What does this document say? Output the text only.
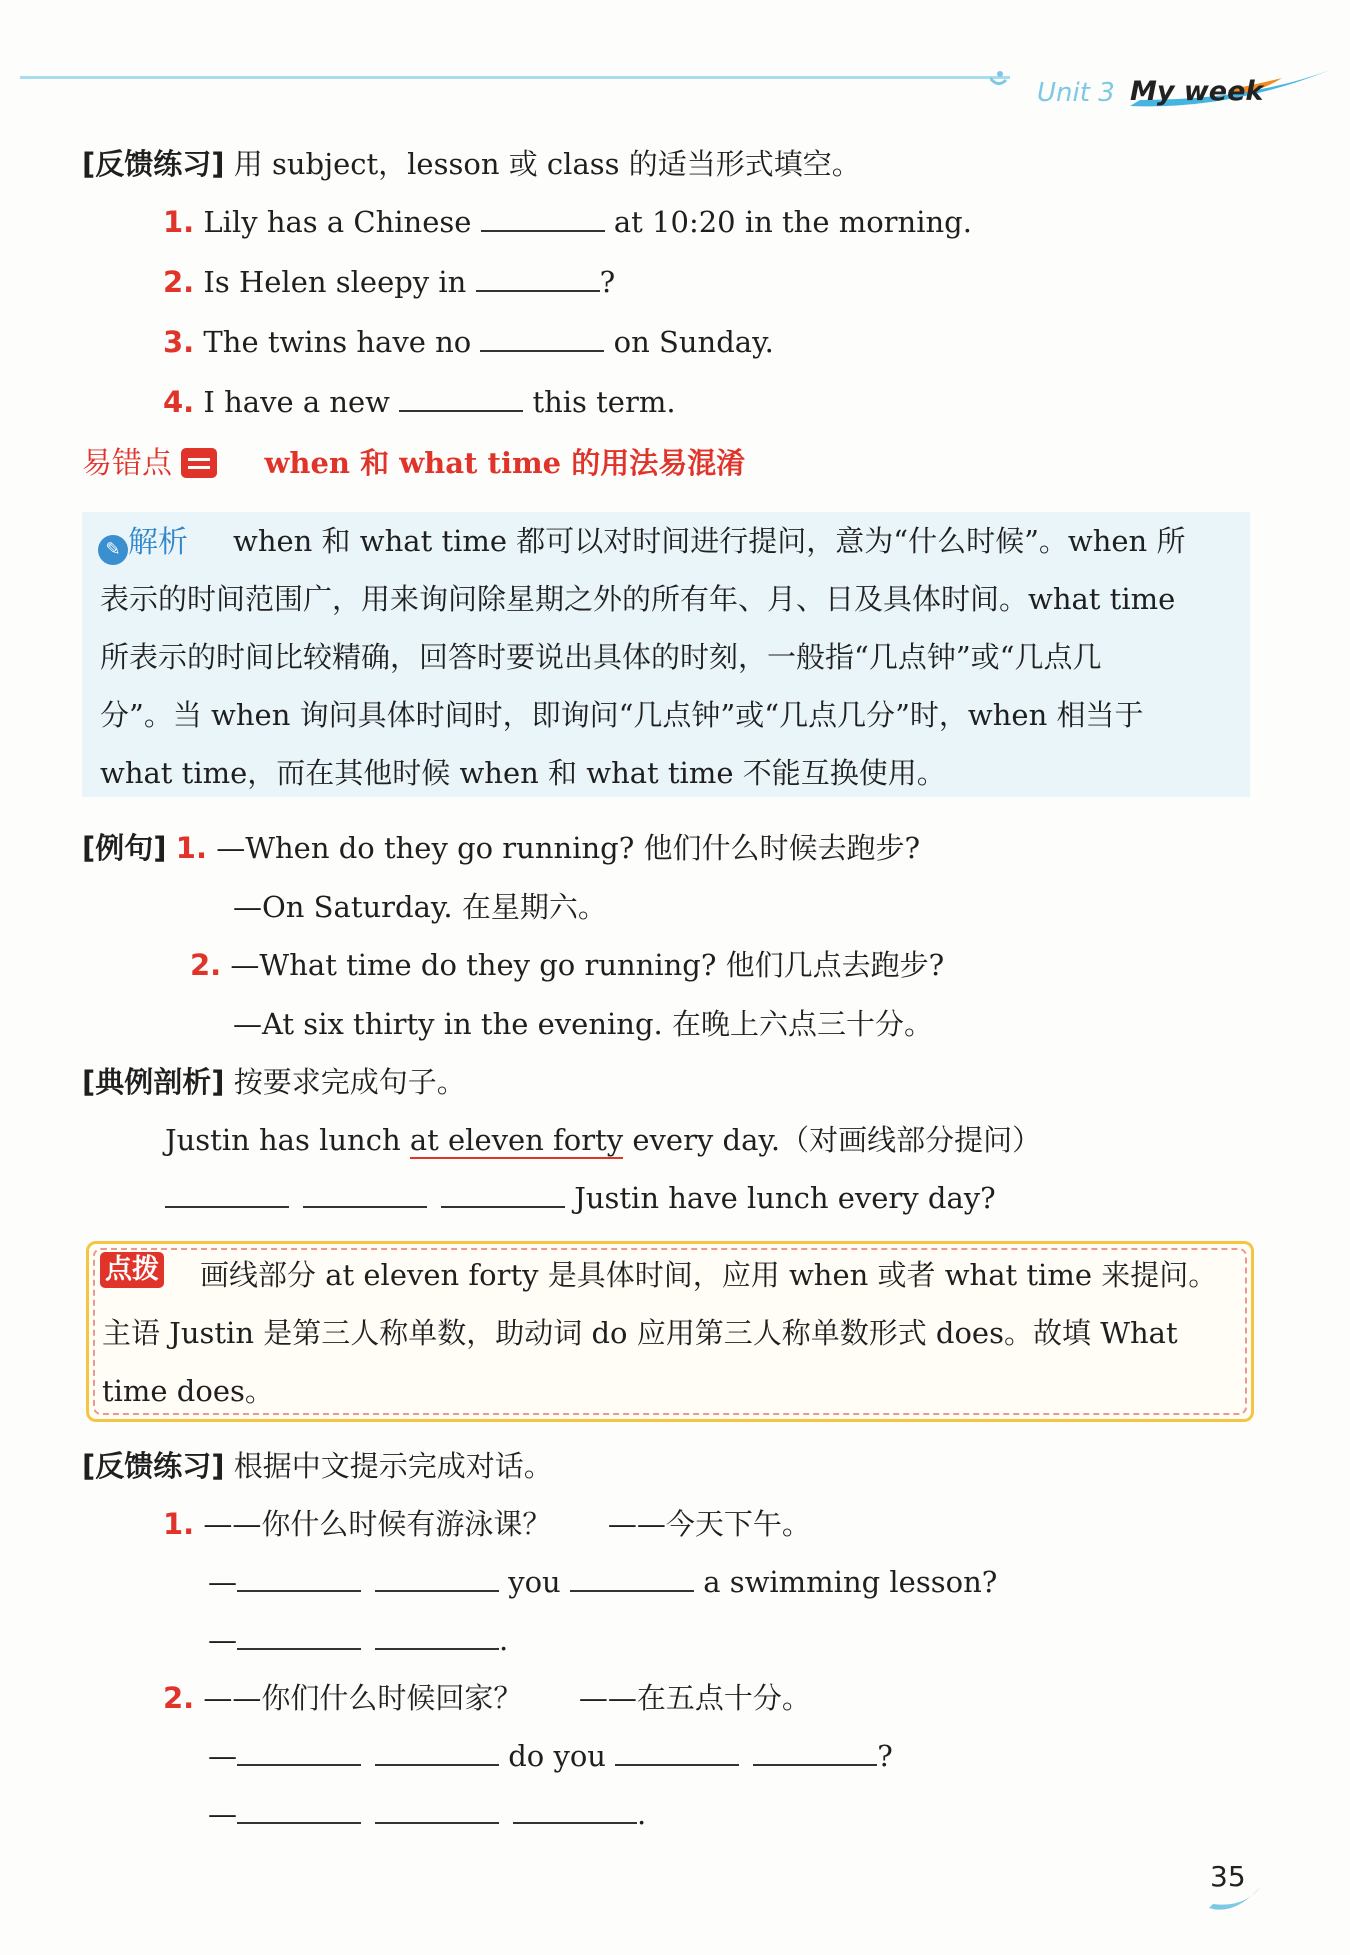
Unit 3 My week
[反馈练习] 用 subject，lesson 或 class 的适当形式填空。
1. Lily has a Chinese	at 10:20 in the morning.
2. Is Helen sleepy in	?
3. The twins have no	on Sunday.
4. I have a new	this term.
易错点	when 和 what time 的用法易混淆
✎ 解析	when 和 what time 都可以对时间进行提问，意为“什么时候”。when 所
表示的时间范围广，用来询问除星期之外的所有年、月、日及具体时间。what time
所表示的时间比较精确，回答时要说出具体的时刻，一般指“几点钟”或“几点几
分”。当 when 询问具体时间时，即询问“几点钟”或“几点几分”时，when 相当于
what time，而在其他时候 when 和 what time 不能互换使用。
[例句] 1. —When do they go running? 他们什么时候去跑步?
—On Saturday. 在星期六。
2. —What time do they go running? 他们几点去跑步?
—At six thirty in the evening. 在晚上六点三十分。
[典例剖析] 按要求完成句子。
Justin has lunch at eleven forty every day.（对画线部分提问）
Justin have lunch every day?
点拨	画线部分 at eleven forty 是具体时间，应用 when 或者 what time 来提问。
主语 Justin 是第三人称单数，助动词 do 应用第三人称单数形式 does。故填 What
time does。
[反馈练习] 根据中文提示完成对话。
1. ——你什么时候有游泳课？ ——今天下午。
—	you	a swimming lesson?
—	.
2. ——你们什么时候回家？ ——在五点十分。
—	do you	?
—	.
35
